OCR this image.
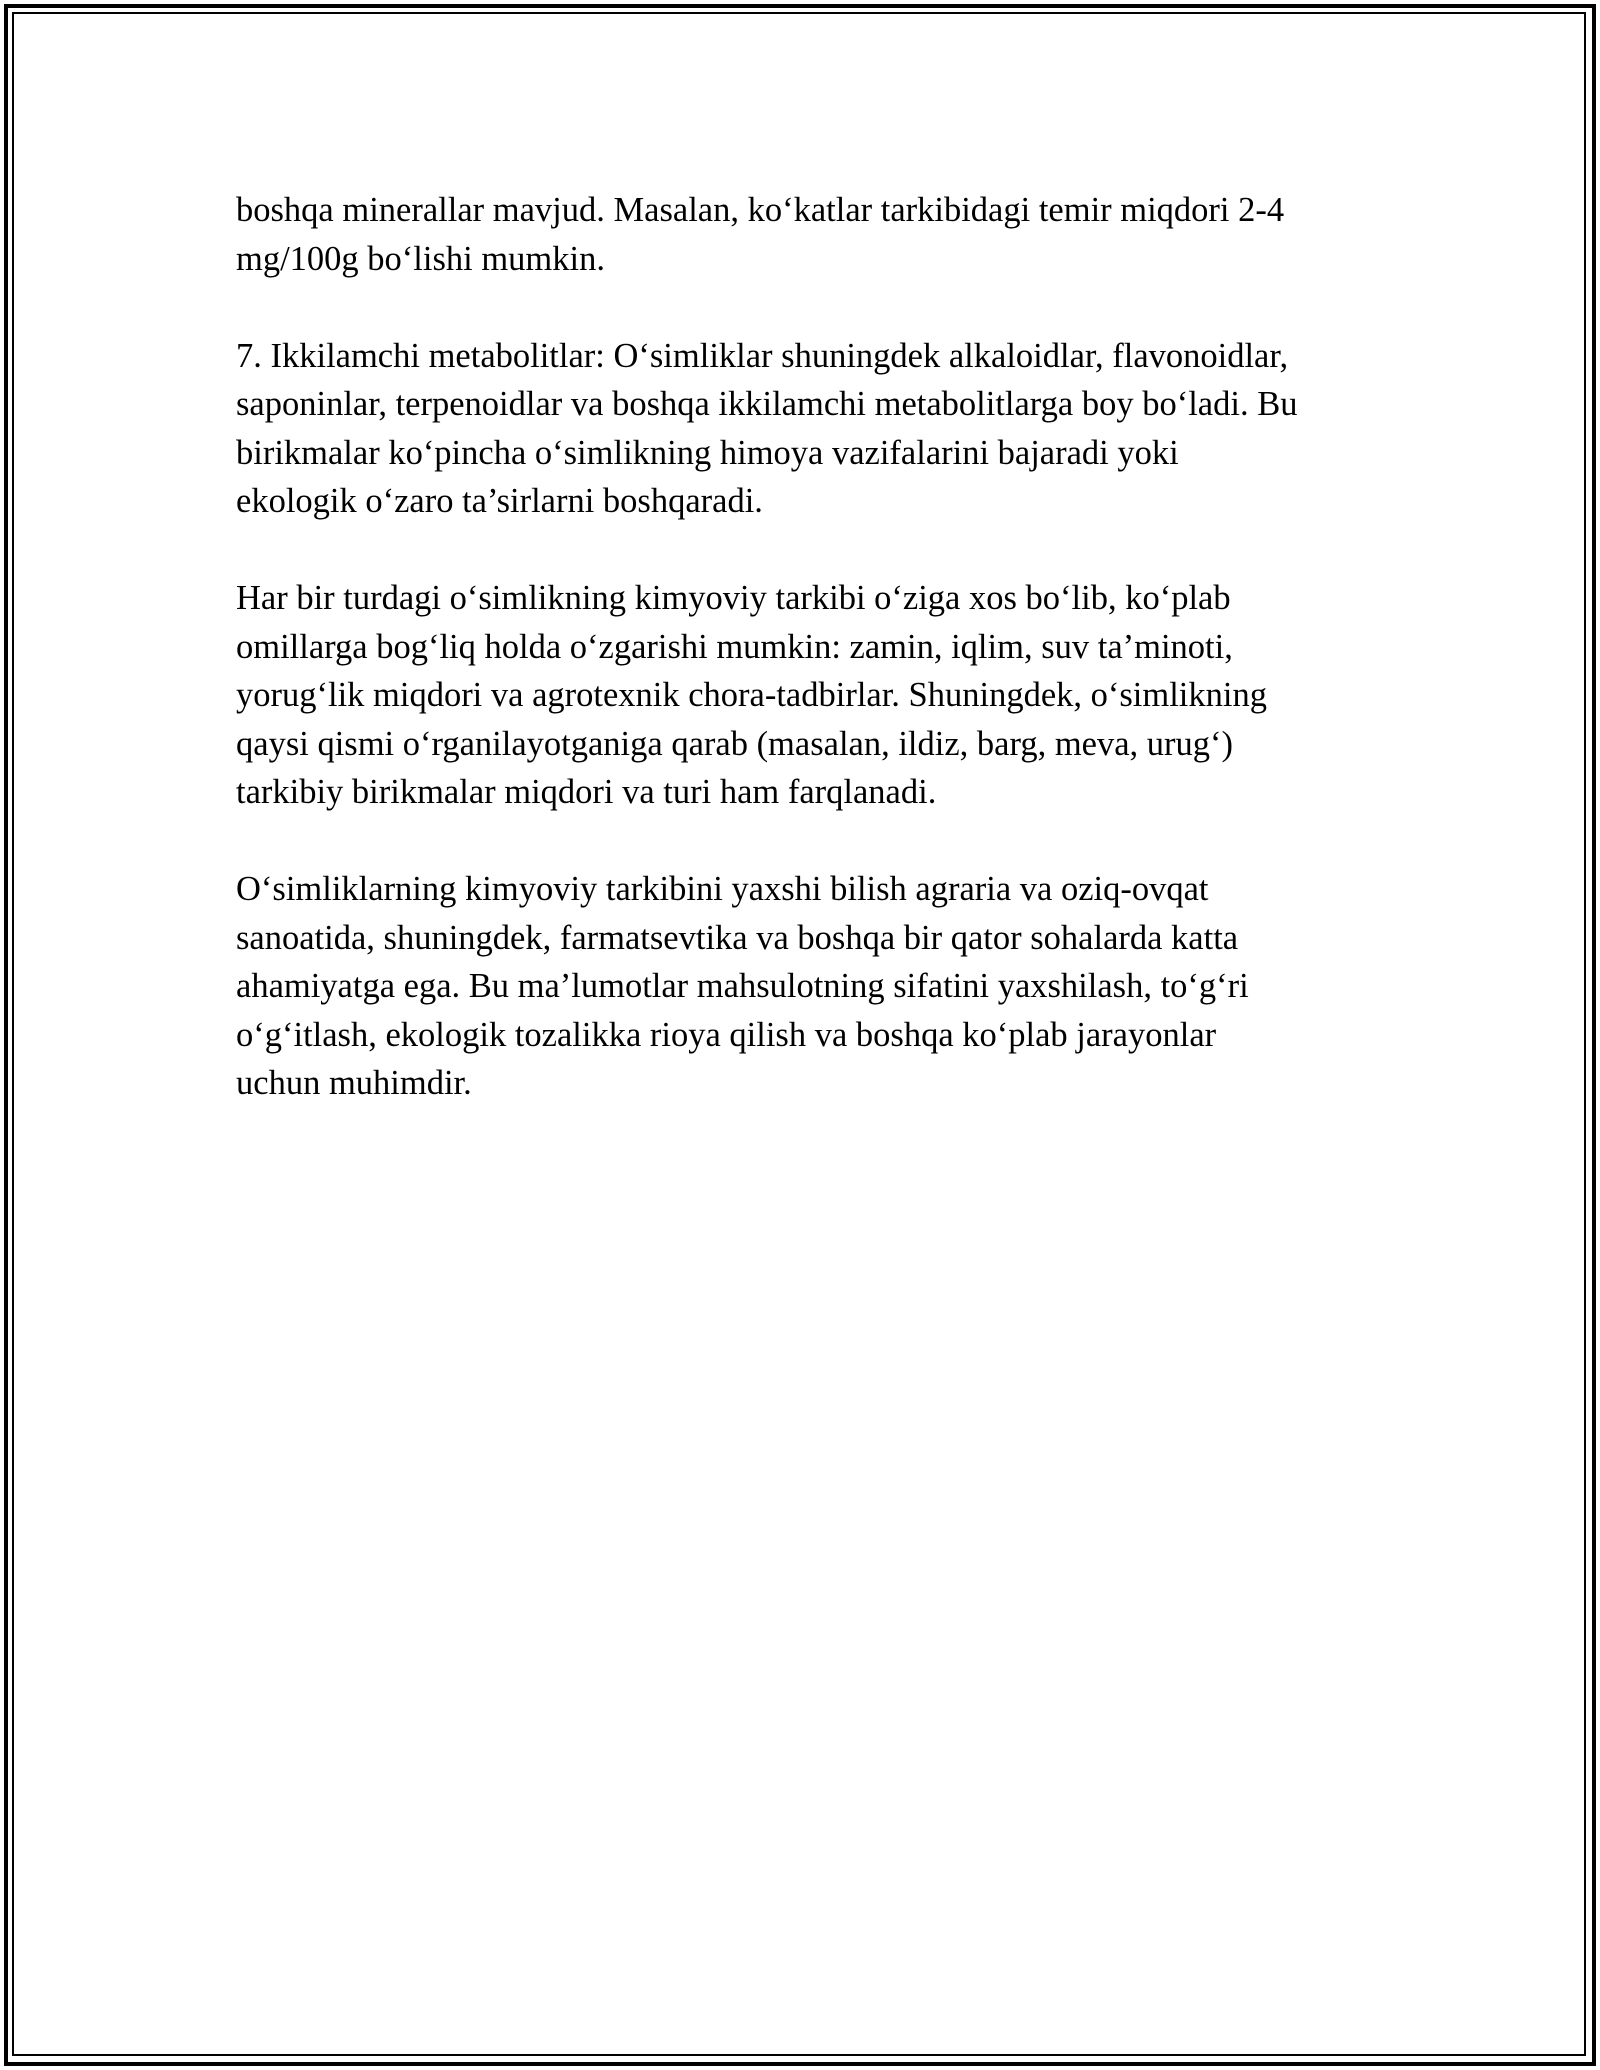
boshqa minerallar mavjud. Masalan, ko‘katlar tarkibidagi temir miqdori 2-4
mg/100g bo‘lishi mumkin.

7. Ikkilamchi metabolitlar: O‘simliklar shuningdek alkaloidlar, flavonoidlar,
saponinlar, terpenoidlar va boshqa ikkilamchi metabolitlarga boy bo‘ladi. Bu
birikmalar ko‘pincha o‘simlikning himoya vazifalarini bajaradi yoki
ekologik o‘zaro ta’sirlarni boshqaradi.

Har bir turdagi o‘simlikning kimyoviy tarkibi o‘ziga xos bo‘lib, ko‘plab
omillarga bog‘liq holda o‘zgarishi mumkin: zamin, iqlim, suv ta’minoti,
yorug‘lik miqdori va agrotexnik chora-tadbirlar. Shuningdek, o‘simlikning
qaysi qismi o‘rganilayotganiga qarab (masalan, ildiz, barg, meva, urug‘)
tarkibiy birikmalar miqdori va turi ham farqlanadi.

O‘simliklarning kimyoviy tarkibini yaxshi bilish agraria va oziq-ovqat
sanoatida, shuningdek, farmatsevtika va boshqa bir qator sohalarda katta
ahamiyatga ega. Bu ma’lumotlar mahsulotning sifatini yaxshilash, to‘g‘ri
o‘g‘itlash, ekologik tozalikka rioya qilish va boshqa ko‘plab jarayonlar
uchun muhimdir.
